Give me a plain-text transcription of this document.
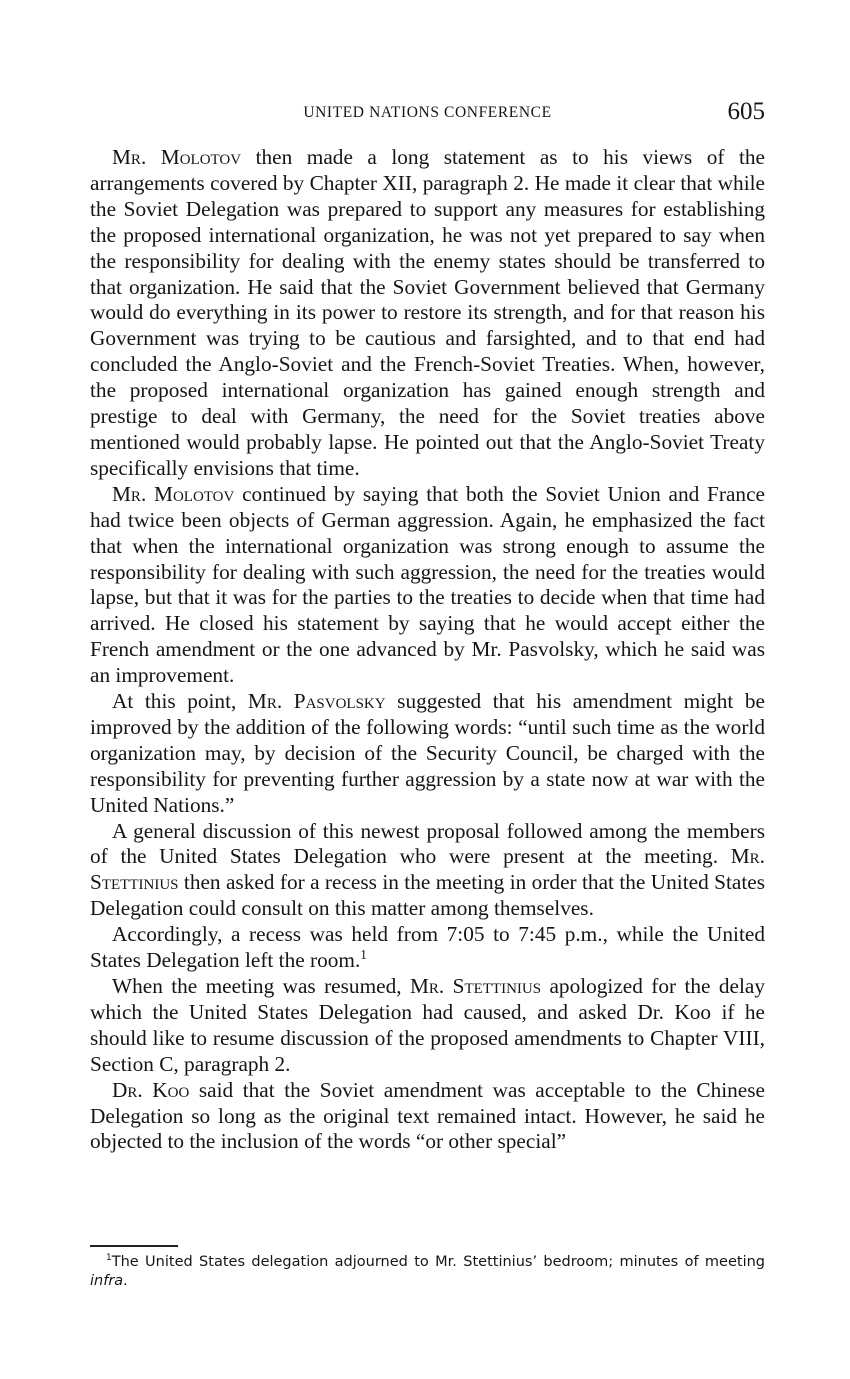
UNITED NATIONS CONFERENCE	605

Mr. Molotov then made a long statement as to his views of the arrangements covered by Chapter XII, paragraph 2. He made it clear that while the Soviet Delegation was prepared to support any measures for establishing the proposed international organization, he was not yet prepared to say when the responsibility for dealing with the enemy states should be transferred to that organization. He said that the Soviet Government believed that Germany would do everything in its power to restore its strength, and for that reason his Government was trying to be cautious and farsighted, and to that end had concluded the Anglo-Soviet and the French-Soviet Treaties. When, however, the proposed international organization has gained enough strength and prestige to deal with Germany, the need for the Soviet treaties above mentioned would probably lapse. He pointed out that the Anglo-Soviet Treaty specifically envisions that time.

Mr. Molotov continued by saying that both the Soviet Union and France had twice been objects of German aggression. Again, he emphasized the fact that when the international organization was strong enough to assume the responsibility for dealing with such aggression, the need for the treaties would lapse, but that it was for the parties to the treaties to decide when that time had arrived. He closed his statement by saying that he would accept either the French amendment or the one advanced by Mr. Pasvolsky, which he said was an improvement.

At this point, Mr. Pasvolsky suggested that his amendment might be improved by the addition of the following words: “until such time as the world organization may, by decision of the Security Council, be charged with the responsibility for preventing further aggression by a state now at war with the United Nations.”

A general discussion of this newest proposal followed among the members of the United States Delegation who were present at the meeting. Mr. Stettinius then asked for a recess in the meeting in order that the United States Delegation could consult on this matter among themselves.

Accordingly, a recess was held from 7:05 to 7:45 p.m., while the United States Delegation left the room.$^1$

When the meeting was resumed, Mr. Stettinius apologized for the delay which the United States Delegation had caused, and asked Dr. Koo if he should like to resume discussion of the proposed amendments to Chapter VIII, Section C, paragraph 2.

Dr. Koo said that the Soviet amendment was acceptable to the Chinese Delegation so long as the original text remained intact. However, he said he objected to the inclusion of the words “or other special”

$^1$The United States delegation adjourned to Mr. Stettinius’ bedroom; minutes of meeting infra.
